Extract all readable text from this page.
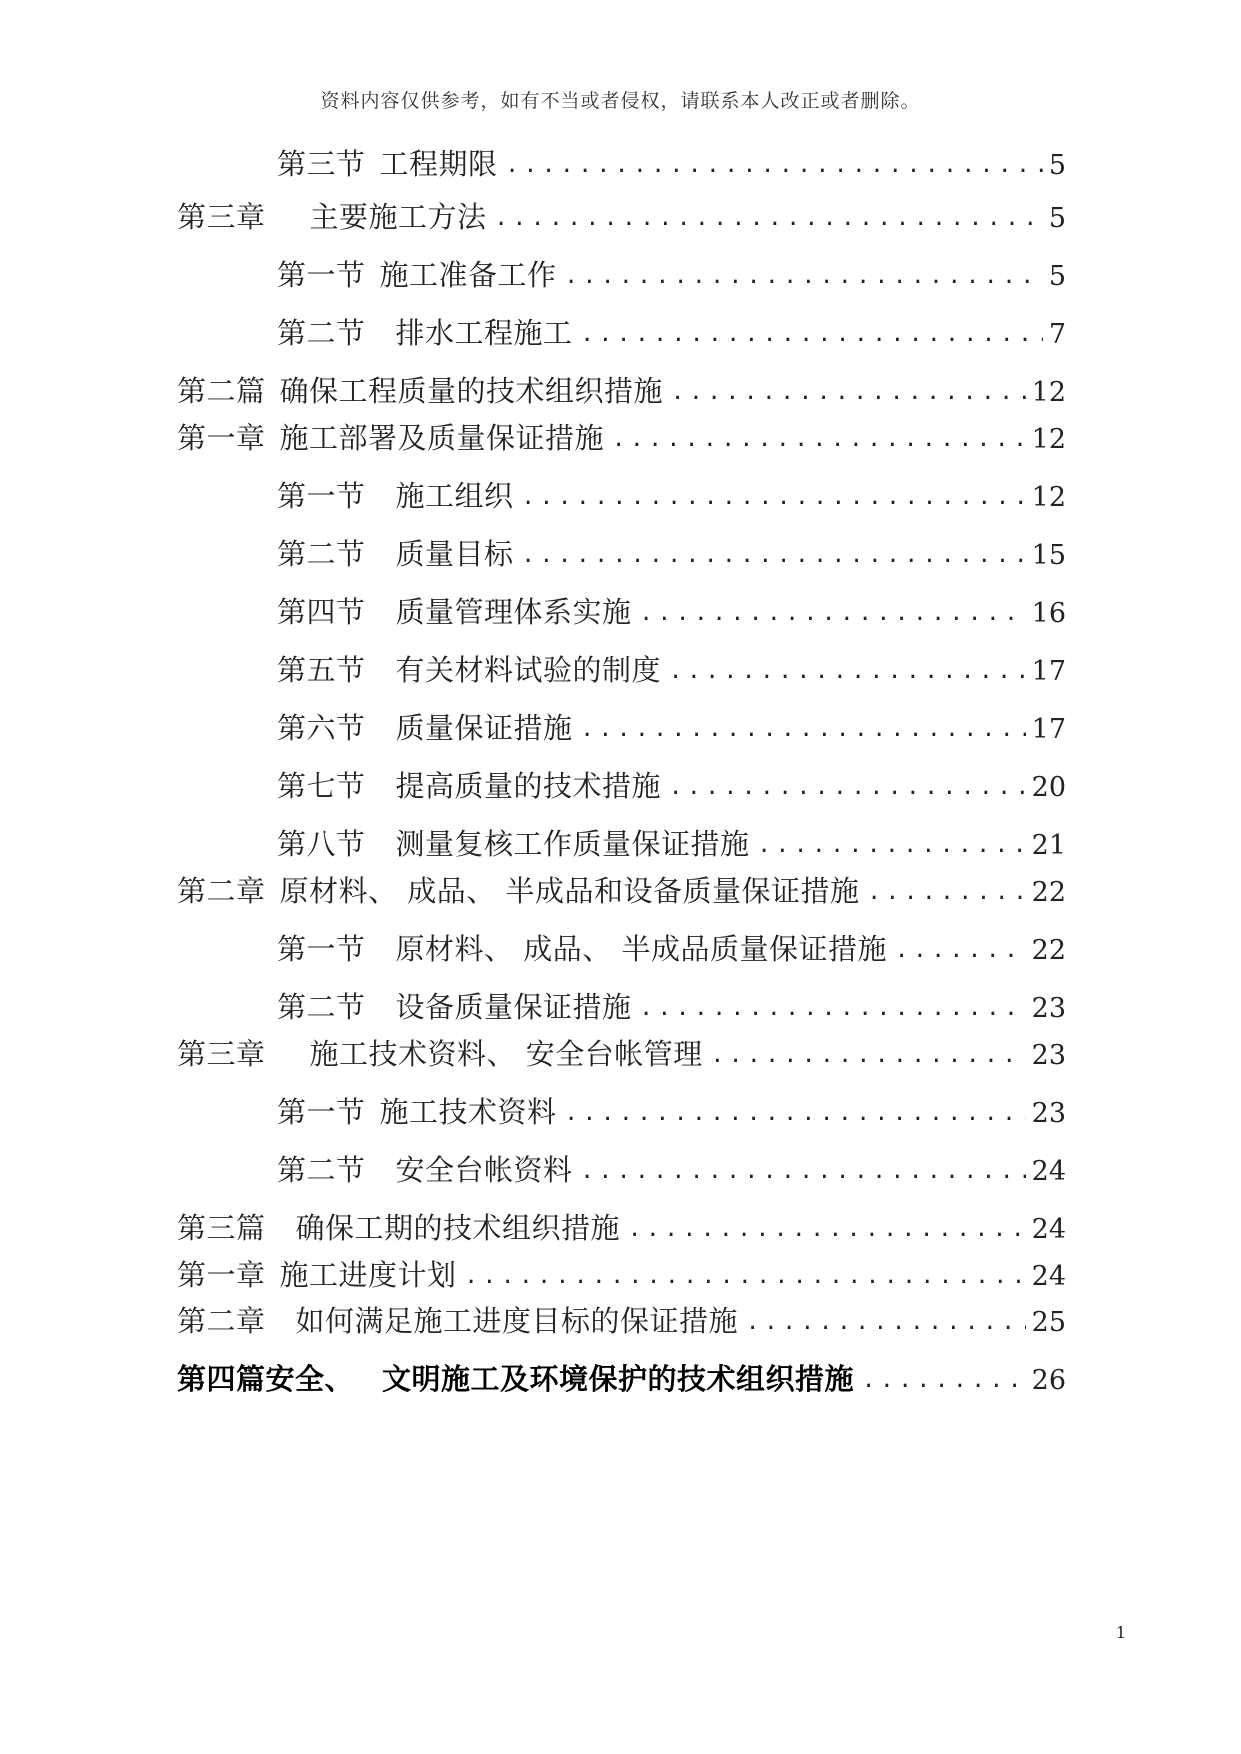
资料内容仅供参考，如有不当或者侵权，请联系本人改正或者删除。
第三节 工程期限 .....	5
第三章 主要施工方法 .....	5
第一节 施工准备工作 .....	5
第二节 排水工程施工 .....	7
第二篇 确保工程质量的技术组织措施 .....	12
第一章 施工部署及质量保证措施 .....	12
第一节 施工组织 .....	12
第二节 质量目标 .....	15
第四节 质量管理体系实施 .....	16
第五节 有关材料试验的制度 .....	17
第六节 质量保证措施 .....	17
第七节 提高质量的技术措施 .....	20
第八节 测量复核工作质量保证措施 .....	21
第二章 原材料、 成品、 半成品和设备质量保证措施 .....	22
第一节 原材料、 成品、 半成品质量保证措施 .....	22
第二节 设备质量保证措施 .....	23
第三章 施工技术资料、 安全台帐管理 .....	23
第一节 施工技术资料 .....	23
第二节 安全台帐资料 .....	24
第三篇 确保工期的技术组织措施 .....	24
第一章 施工进度计划 .....	24
第二章 如何满足施工进度目标的保证措施 .....	25
第四篇安全、 文明施工及环境保护的技术组织措施 .....	26
1
